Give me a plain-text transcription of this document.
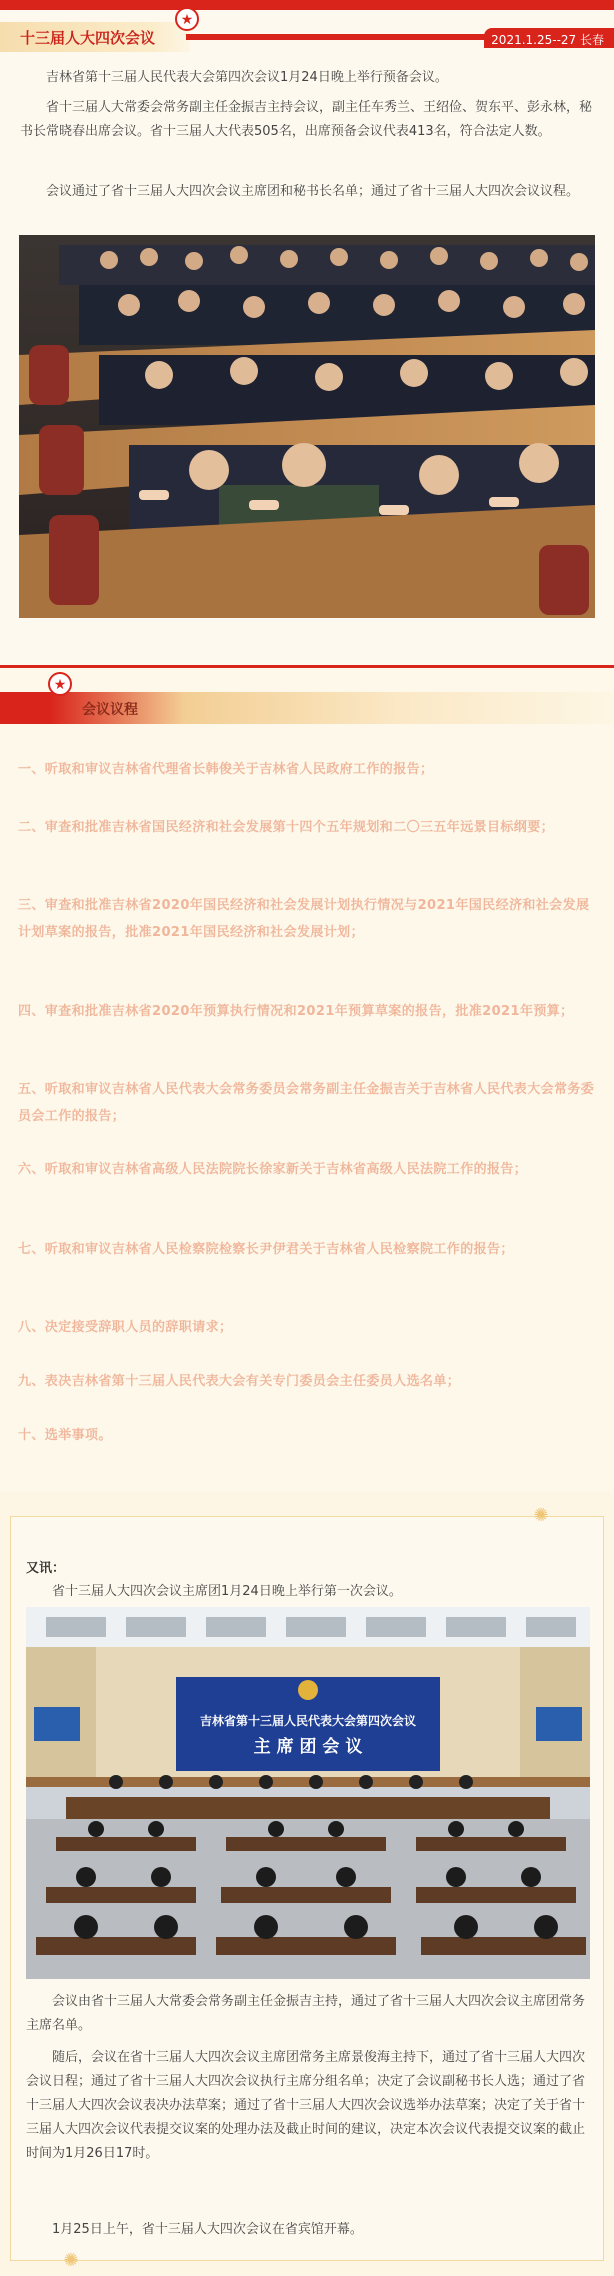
十三届人大四次会议
★
2021.1.25--27 长春

吉林省第十三届人民代表大会第四次会议1月24日晚上举行预备会议。

省十三届人大常委会常务副主任金振吉主持会议，副主任车秀兰、王绍俭、贺东平、彭永林，秘书长常晓春出席会议。省十三届人大代表505名，出席预备会议代表413名，符合法定人数。

会议通过了省十三届人大四次会议主席团和秘书长名单；通过了省十三届人大四次会议议程。

★
会议议程

一、听取和审议吉林省代理省长韩俊关于吉林省人民政府工作的报告；

二、审查和批准吉林省国民经济和社会发展第十四个五年规划和二〇三五年远景目标纲要；

三、审查和批准吉林省2020年国民经济和社会发展计划执行情况与2021年国民经济和社会发展计划草案的报告，批准2021年国民经济和社会发展计划；

四、审查和批准吉林省2020年预算执行情况和2021年预算草案的报告，批准2021年预算；

五、听取和审议吉林省人民代表大会常务委员会常务副主任金振吉关于吉林省人民代表大会常务委员会工作的报告；

六、听取和审议吉林省高级人民法院院长徐家新关于吉林省高级人民法院工作的报告；

七、听取和审议吉林省人民检察院检察长尹伊君关于吉林省人民检察院工作的报告；

八、决定接受辞职人员的辞职请求；

九、表决吉林省第十三届人民代表大会有关专门委员会主任委员人选名单；

十、选举事项。

✺
✺
又讯：

省十三届人大四次会议主席团1月24日晚上举行第一次会议。

吉林省第十三届人民代表大会第四次会议
主 席 团 会 议

会议由省十三届人大常委会常务副主任金振吉主持，通过了省十三届人大四次会议主席团常务主席名单。

随后，会议在省十三届人大四次会议主席团常务主席景俊海主持下，通过了省十三届人大四次会议日程；通过了省十三届人大四次会议执行主席分组名单；决定了会议副秘书长人选；通过了省十三届人大四次会议表决办法草案；通过了省十三届人大四次会议选举办法草案；决定了关于省十三届人大四次会议代表提交议案的处理办法及截止时间的建议，决定本次会议代表提交议案的截止时间为1月26日17时。

1月25日上午，省十三届人大四次会议在省宾馆开幕。
